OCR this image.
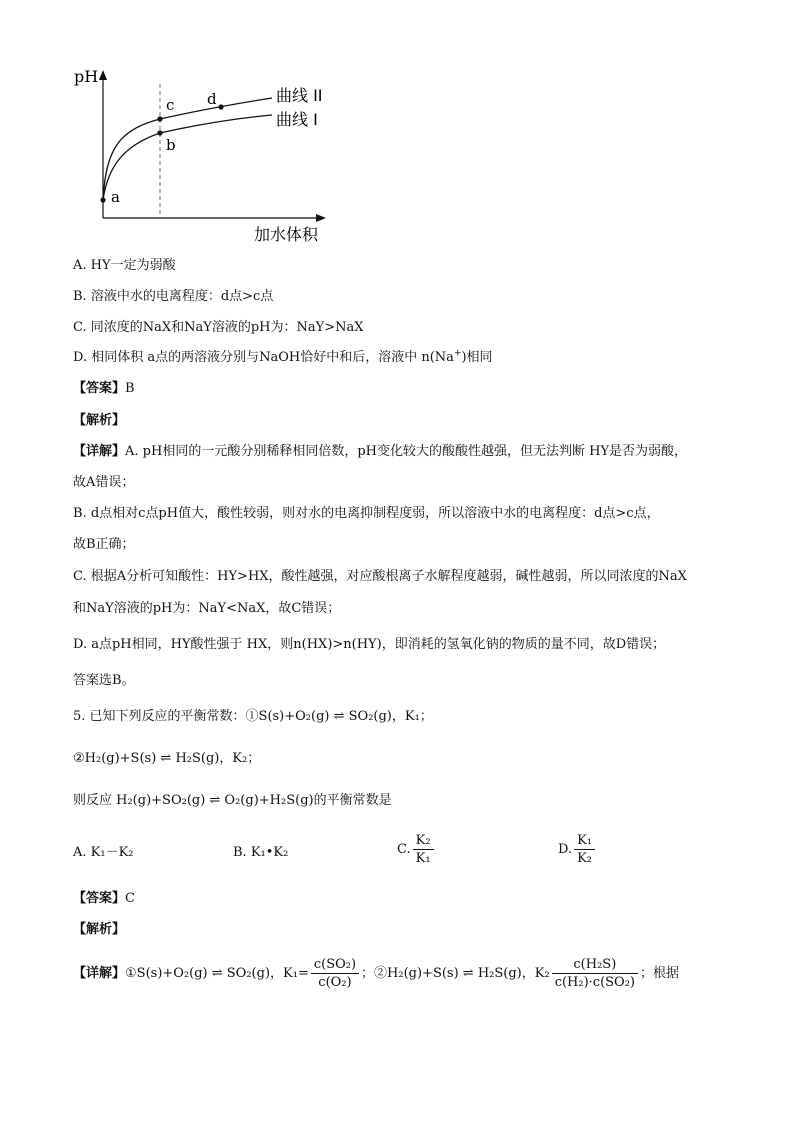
pH
加水体积
a
b
c d	曲线 II
曲线 I
A. HY一定为弱酸
B. 溶液中水的电离程度：d点>c点
C. 同浓度的NaX和NaY溶液的pH为：NaY>NaX
D. 相同体积 a点的两溶液分别与NaOH恰好中和后，溶液中 n(Na+)相同
【答案】B
【解析】
【详解】A. pH相同的一元酸分别稀释相同倍数，pH变化较大的酸酸性越强，但无法判断 HY是否为弱酸，
故A错误；
B. d点相对c点pH值大，酸性较弱，则对水的电离抑制程度弱，所以溶液中水的电离程度：d点>c点，
故B正确；
C. 根据A分析可知酸性：HY>HX，酸性越强，对应酸根离子水解程度越弱，碱性越弱，所以同浓度的NaX
和NaY溶液的pH为：NaY<NaX，故C错误；
D. a点pH相同，HY酸性强于 HX，则n(HX)>n(HY)，即消耗的氢氧化钠的物质的量不同，故D错误；
答案选B。
5. 已知下列反应的平衡常数：①S(s)+O₂(g) ⇌ SO₂(g)，K₁；
②H₂(g)+S(s) ⇌ H₂S(g)，K₂；
则反应 H₂(g)+SO₂(g) ⇌ O₂(g)+H₂S(g)的平衡常数是
A. K₁－K₂	B. K₁•K₂	C. $\frac{\text{K₂}}{\text{K₁}}$	D. $\frac{\text{K₁}}{\text{K₂}}$
【答案】C
【解析】
【详解】①S(s)+O₂(g) ⇌ SO₂(g)，$K_1= \frac{\text{c(SO₂)}}{\text{c(O₂)}}$ ；②H₂(g)+S(s) ⇌ H₂S(g)，$K_2 \frac{\text{c(H₂S)}}{\text{c(H₂)·c(SO₂)}}$ ；根据
